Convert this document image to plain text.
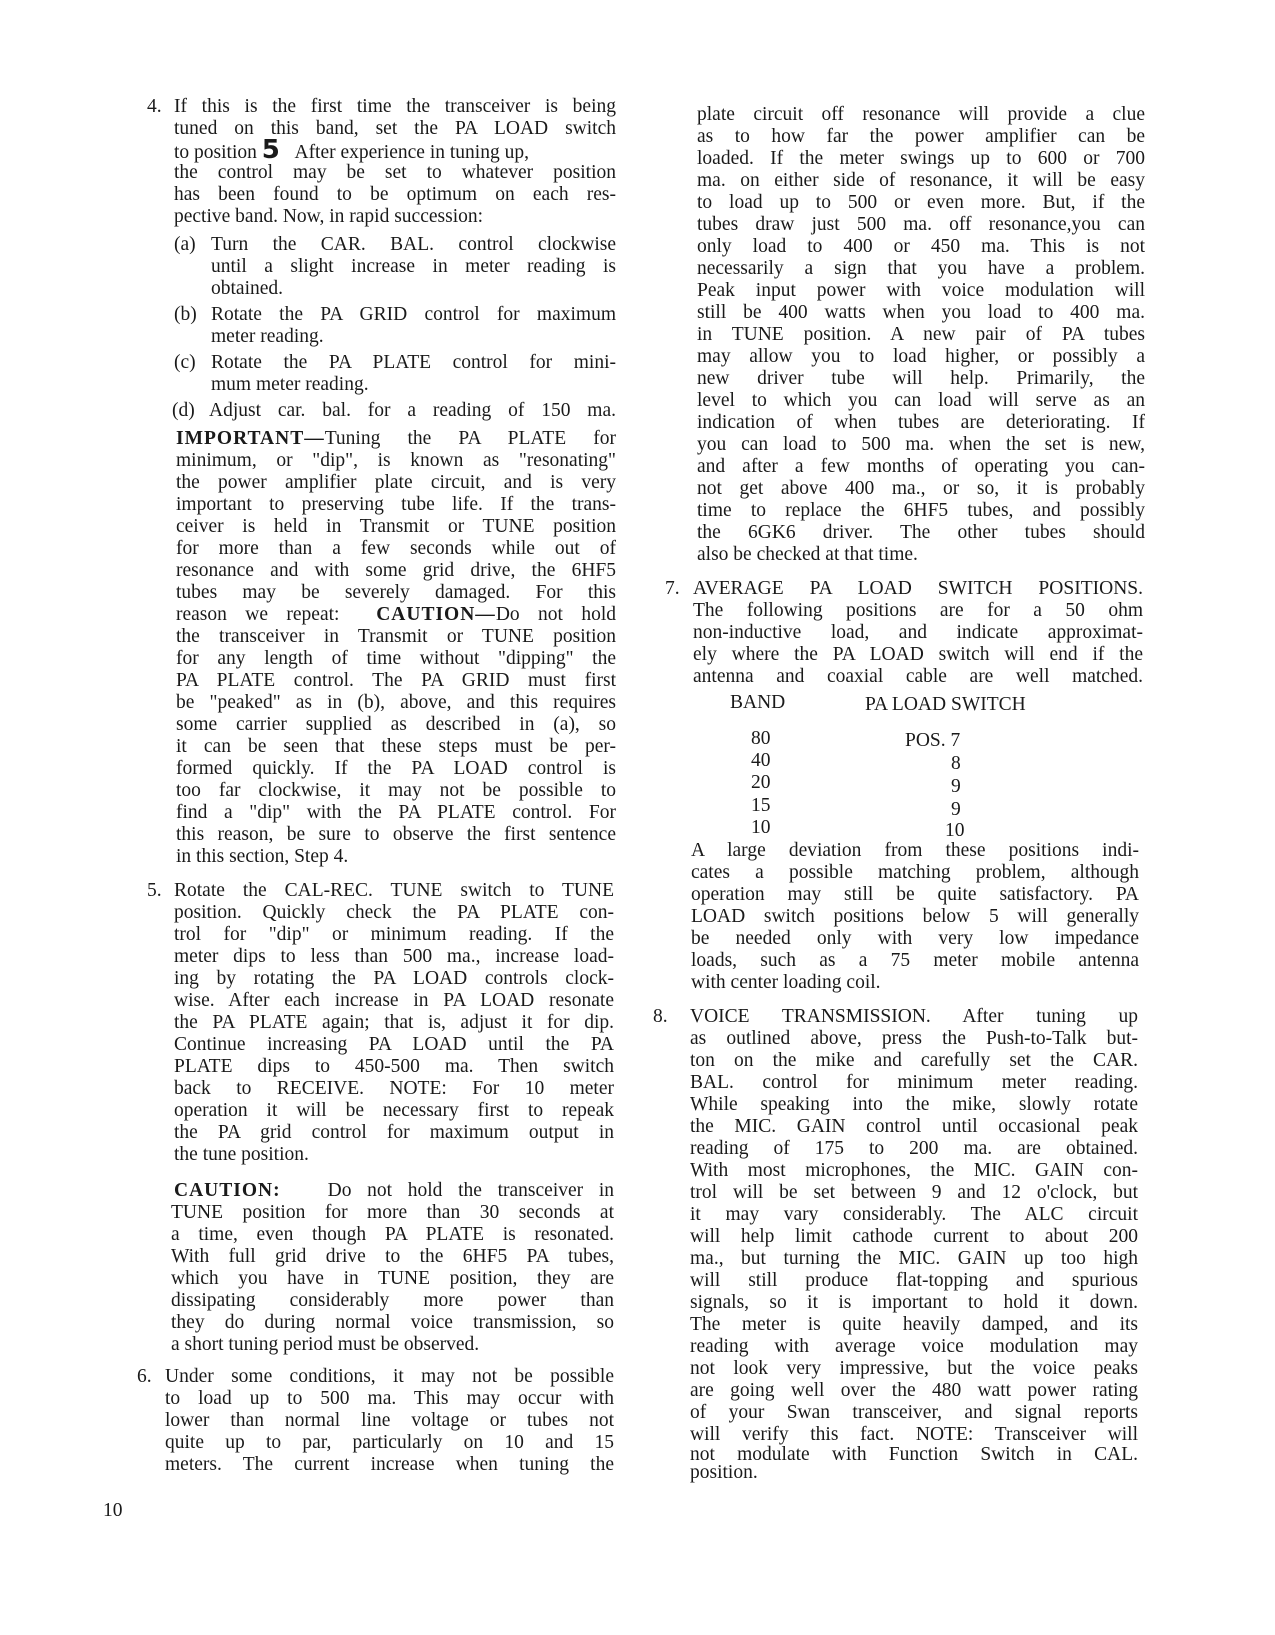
4. If this is the first time the transceiver is being
tuned on this band, set the PA LOAD switch
to position 5 After experience in tuning up,
the control may be set to whatever position
has been found to be optimum on each res-
pective band. Now, in rapid succession:
(a) Turn the CAR. BAL. control clockwise
until a slight increase in meter reading is
obtained.
(b) Rotate the PA GRID control for maximum
meter reading.
(c) Rotate the PA PLATE control for mini-
mum meter reading.
(d) Adjust car. bal. for a reading of 150 ma.
IMPORTANT—Tuning the PA PLATE for
minimum, or "dip", is known as "resonating"
the power amplifier plate circuit, and is very
important to preserving tube life. If the trans-
ceiver is held in Transmit or TUNE position
for more than a few seconds while out of
resonance and with some grid drive, the 6HF5
tubes may be severely damaged. For this
reason we repeat: CAUTION—Do not hold
the transceiver in Transmit or TUNE position
for any length of time without "dipping" the
PA PLATE control. The PA GRID must first
be "peaked" as in (b), above, and this requires
some carrier supplied as described in (a), so
it can be seen that these steps must be per-
formed quickly. If the PA LOAD control is
too far clockwise, it may not be possible to
find a "dip" with the PA PLATE control. For
this reason, be sure to observe the first sentence
in this section, Step 4.
5. Rotate the CAL-REC. TUNE switch to TUNE
position. Quickly check the PA PLATE con-
trol for "dip" or minimum reading. If the
meter dips to less than 500 ma., increase load-
ing by rotating the PA LOAD controls clock-
wise. After each increase in PA LOAD resonate
the PA PLATE again; that is, adjust it for dip.
Continue increasing PA LOAD until the PA
PLATE dips to 450-500 ma. Then switch
back to RECEIVE. NOTE: For 10 meter
operation it will be necessary first to repeak
the PA grid control for maximum output in
the tune position.
CAUTION: Do not hold the transceiver in
TUNE position for more than 30 seconds at
a time, even though PA PLATE is resonated.
With full grid drive to the 6HF5 PA tubes,
which you have in TUNE position, they are
dissipating considerably more power than
they do during normal voice transmission, so
a short tuning period must be observed.
6. Under some conditions, it may not be possible
to load up to 500 ma. This may occur with
lower than normal line voltage or tubes not
quite up to par, particularly on 10 and 15
meters. The current increase when tuning the
plate circuit off resonance will provide a clue
as to how far the power amplifier can be
loaded. If the meter swings up to 600 or 700
ma. on either side of resonance, it will be easy
to load up to 500 or even more. But, if the
tubes draw just 500 ma. off resonance,you can
only load to 400 or 450 ma. This is not
necessarily a sign that you have a problem.
Peak input power with voice modulation will
still be 400 watts when you load to 400 ma.
in TUNE position. A new pair of PA tubes
may allow you to load higher, or possibly a
new driver tube will help. Primarily, the
level to which you can load will serve as an
indication of when tubes are deteriorating. If
you can load to 500 ma. when the set is new,
and after a few months of operating you can-
not get above 400 ma., or so, it is probably
time to replace the 6HF5 tubes, and possibly
the 6GK6 driver. The other tubes should
also be checked at that time.
7. AVERAGE PA LOAD SWITCH POSITIONS.
The following positions are for a 50 ohm
non-inductive load, and indicate approximat-
ely where the PA LOAD switch will end if the
antenna and coaxial cable are well matched.
BAND	PA LOAD SWITCH
80	POS. 7
40	8
20	9
15	9
10	10
A large deviation from these positions indi-
cates a possible matching problem, although
operation may still be quite satisfactory. PA
LOAD switch positions below 5 will generally
be needed only with very low impedance
loads, such as a 75 meter mobile antenna
with center loading coil.
8. VOICE TRANSMISSION. After tuning up
as outlined above, press the Push-to-Talk but-
ton on the mike and carefully set the CAR.
BAL. control for minimum meter reading.
While speaking into the mike, slowly rotate
the MIC. GAIN control until occasional peak
reading of 175 to 200 ma. are obtained.
With most microphones, the MIC. GAIN con-
trol will be set between 9 and 12 o'clock, but
it may vary considerably. The ALC circuit
will help limit cathode current to about 200
ma., but turning the MIC. GAIN up too high
will still produce flat-topping and spurious
signals, so it is important to hold it down.
The meter is quite heavily damped, and its
reading with average voice modulation may
not look very impressive, but the voice peaks
are going well over the 480 watt power rating
of your Swan transceiver, and signal reports
will verify this fact. NOTE: Transceiver will
not modulate with Function Switch in CAL.
position.
10
